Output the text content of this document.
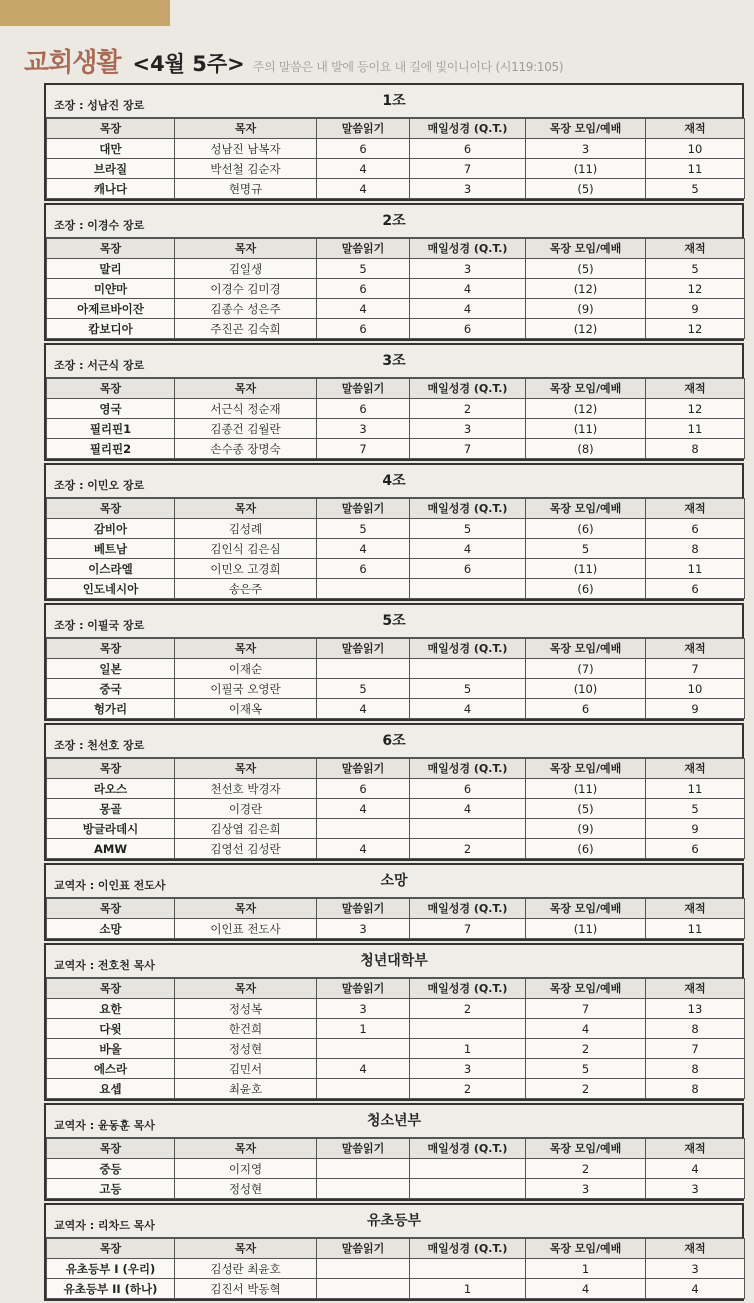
교회생활 <4월 5주> 주의 말씀은 내 발에 등이요 내 길에 빛이니이다 (시119:105)
조장 : 성남진 장로	1조
목장	목자	말씀읽기	매일성경 (Q.T.)	목장 모임/예배	재적
대만	성남진 남복자	6	6	3	10
브라질	박선철 김순자	4	7	(11)	11
캐나다	현명규	4	3	(5)	5
조장 : 이경수 장로	2조
목장	목자	말씀읽기	매일성경 (Q.T.)	목장 모임/예배	재적
말리	김일생	5	3	(5)	5
미얀마	이경수 김미경	6	4	(12)	12
아제르바이잔	김종수 성은주	4	4	(9)	9
캄보디아	주진곤 김숙희	6	6	(12)	12
조장 : 서근식 장로	3조
목장	목자	말씀읽기	매일성경 (Q.T.)	목장 모임/예배	재적
영국	서근식 정순재	6	2	(12)	12
필리핀1	김종건 김월란	3	3	(11)	11
필리핀2	손수종 장명숙	7	7	(8)	8
조장 : 이민오 장로	4조
목장	목자	말씀읽기	매일성경 (Q.T.)	목장 모임/예배	재적
감비아	김성례	5	5	(6)	6
베트남	김인식 김은심	4	4	5	8
이스라엘	이민오 고경희	6	6	(11)	11
인도네시아	송은주			(6)	6
조장 : 이필국 장로	5조
목장	목자	말씀읽기	매일성경 (Q.T.)	목장 모임/예배	재적
일본	이재순			(7)	7
중국	이필국 오영란	5	5	(10)	10
헝가리	이재옥	4	4	6	9
조장 : 천선호 장로	6조
목장	목자	말씀읽기	매일성경 (Q.T.)	목장 모임/예배	재적
라오스	천선호 박경자	6	6	(11)	11
몽골	이경란	4	4	(5)	5
방글라데시	김상엽 김은희			(9)	9
AMW	김영선 김성란	4	2	(6)	6
교역자 : 이인표 전도사	소망
목장	목자	말씀읽기	매일성경 (Q.T.)	목장 모임/예배	재적
소망	이인표 전도사	3	7	(11)	11
교역자 : 전호천 목사	청년대학부
목장	목자	말씀읽기	매일성경 (Q.T.)	목장 모임/예배	재적
요한	정성복	3	2	7	13
다윗	한건희	1		4	8
바울	정성현		1	2	7
에스라	김민서	4	3	5	8
요셉	최윤호		2	2	8
교역자 : 윤동훈 목사	청소년부
목장	목자	말씀읽기	매일성경 (Q.T.)	목장 모임/예배	재적
중등	이지영			2	4
고등	정성현			3	3
교역자 : 리차드 목사	유초등부
목장	목자	말씀읽기	매일성경 (Q.T.)	목장 모임/예배	재적
유초등부 I (우리)	김성란 최윤호			1	3
유초등부 II (하나)	김진서 박동혁		1	4	4
